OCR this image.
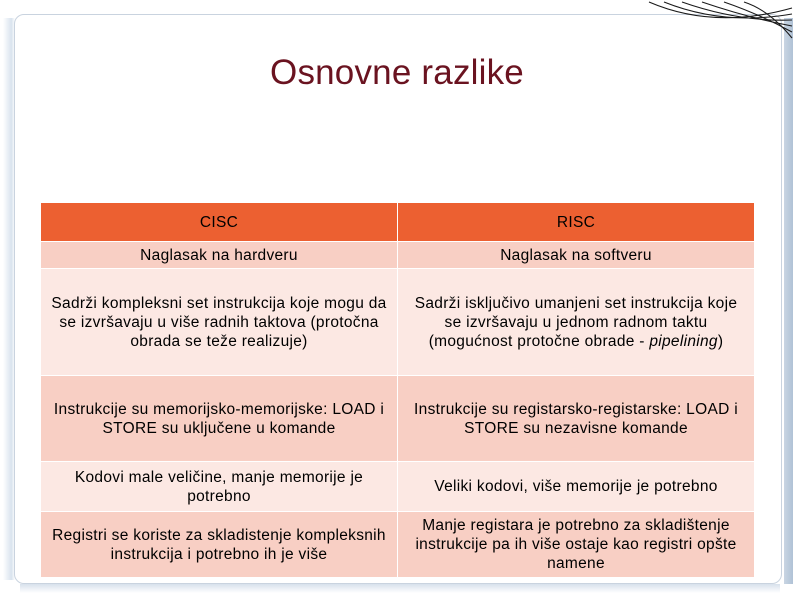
Osnovne razlike
CISC	RISC
Naglasak na hardveru	Naglasak na softveru
Sadrži kompleksni set instrukcija koje mogu da se izvršavaju u više radnih taktova (protočna obrada se teže realizuje)	Sadrži isključivo umanjeni set instrukcija koje se izvršavaju u jednom radnom taktu (mogućnost protočne obrade - pipelining)
Instrukcije su memorijsko-memorijske: LOAD i STORE su uključene u komande	Instrukcije su registarsko-registarske: LOAD i STORE su nezavisne komande
Kodovi male veličine, manje memorije je potrebno	Veliki kodovi, više memorije je potrebno
Registri se koriste za skladistenje kompleksnih instrukcija i potrebno ih je više	Manje registara je potrebno za skladištenje instrukcije pa ih više ostaje kao registri opšte namene
